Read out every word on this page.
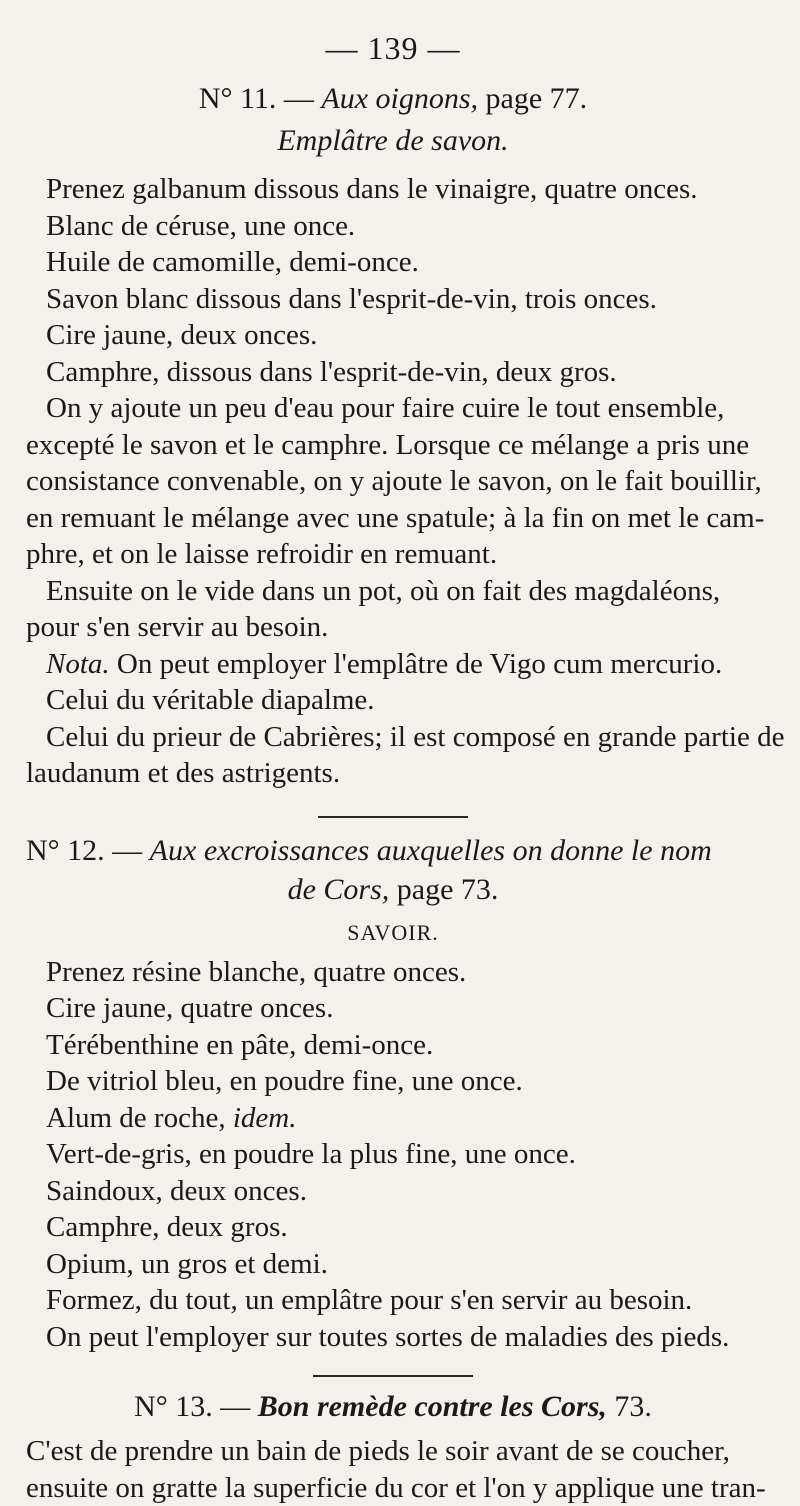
— 139 —

N° 11. — Aux oignons, page 77.

Emplâtre de savon.

Prenez galbanum dissous dans le vinaigre, quatre onces.

Blanc de céruse, une once.

Huile de camomille, demi-once.

Savon blanc dissous dans l'esprit-de-vin, trois onces.

Cire jaune, deux onces.

Camphre, dissous dans l'esprit-de-vin, deux gros.

On y ajoute un peu d'eau pour faire cuire le tout ensemble,

excepté le savon et le camphre. Lorsque ce mélange a pris une

consistance convenable, on y ajoute le savon, on le fait bouillir,

en remuant le mélange avec une spatule; à la fin on met le cam-

phre, et on le laisse refroidir en remuant.

Ensuite on le vide dans un pot, où on fait des magdaléons,

pour s'en servir au besoin.

Nota. On peut employer l'emplâtre de Vigo cum mercurio.

Celui du véritable diapalme.

Celui du prieur de Cabrières; il est composé en grande partie de

laudanum et des astrigents.

N° 12. — Aux excroissances auxquelles on donne le nom

de Cors, page 73.

SAVOIR.

Prenez résine blanche, quatre onces.

Cire jaune, quatre onces.

Térébenthine en pâte, demi-once.

De vitriol bleu, en poudre fine, une once.

Alum de roche, idem.

Vert-de-gris, en poudre la plus fine, une once.

Saindoux, deux onces.

Camphre, deux gros.

Opium, un gros et demi.

Formez, du tout, un emplâtre pour s'en servir au besoin.

On peut l'employer sur toutes sortes de maladies des pieds.

N° 13. — Bon remède contre les Cors, 73.

C'est de prendre un bain de pieds le soir avant de se coucher,

ensuite on gratte la superficie du cor et l'on y applique une tran-
